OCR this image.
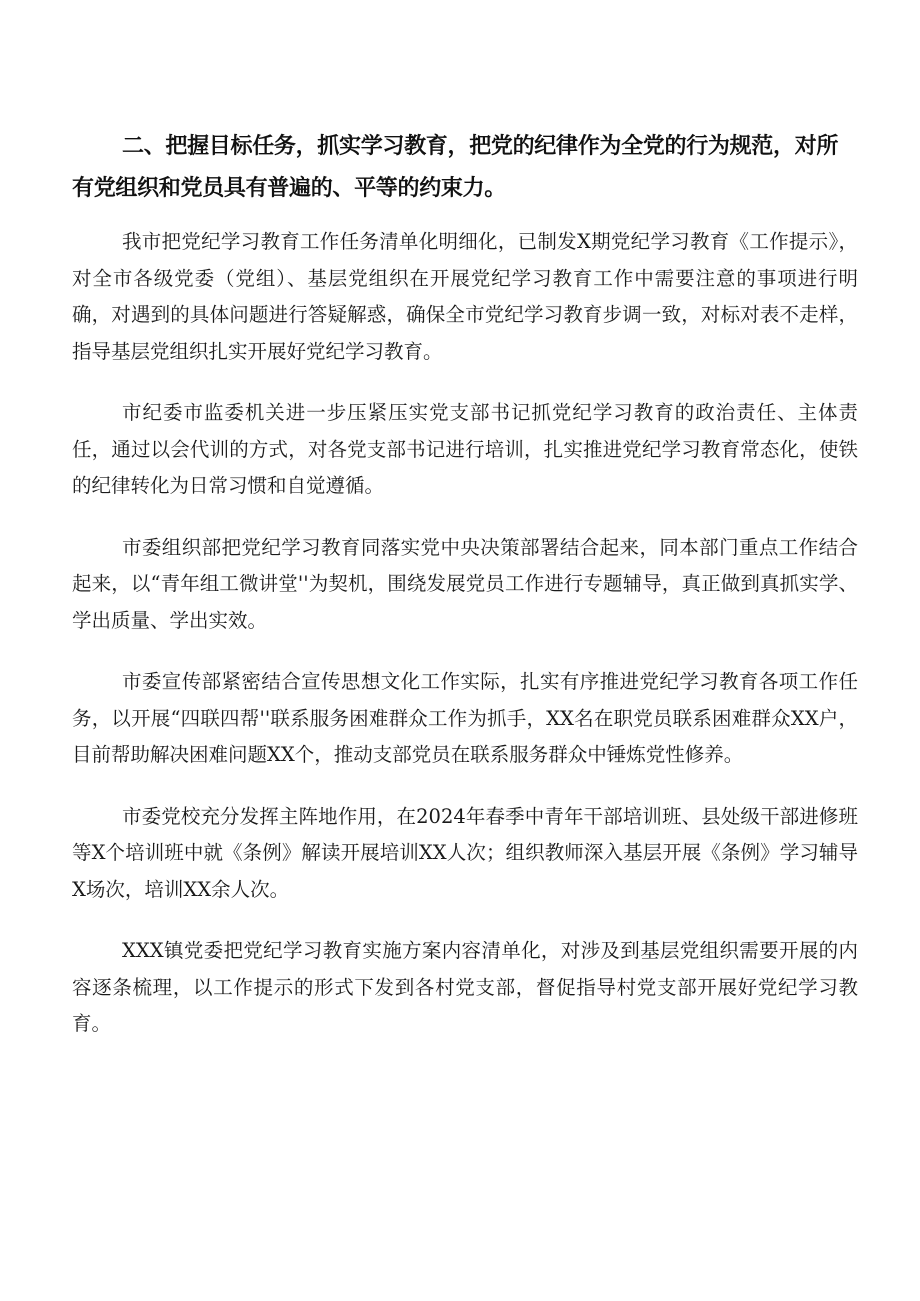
二、把握目标任务，抓实学习教育，把党的纪律作为全党的行为规范，对所有党组织和党员具有普遍的、平等的约束力。

我市把党纪学习教育工作任务清单化明细化，已制发X期党纪学习教育《工作提示》，对全市各级党委（党组）、基层党组织在开展党纪学习教育工作中需要注意的事项进行明确，对遇到的具体问题进行答疑解惑，确保全市党纪学习教育步调一致，对标对表不走样，指导基层党组织扎实开展好党纪学习教育。

市纪委市监委机关进一步压紧压实党支部书记抓党纪学习教育的政治责任、主体责任，通过以会代训的方式，对各党支部书记进行培训，扎实推进党纪学习教育常态化，使铁的纪律转化为日常习惯和自觉遵循。

市委组织部把党纪学习教育同落实党中央决策部署结合起来，同本部门重点工作结合起来，以“青年组工微讲堂''为契机，围绕发展党员工作进行专题辅导，真正做到真抓实学、学出质量、学出实效。

市委宣传部紧密结合宣传思想文化工作实际，扎实有序推进党纪学习教育各项工作任务，以开展“四联四帮''联系服务困难群众工作为抓手，XX名在职党员联系困难群众XX户，目前帮助解决困难问题XX个，推动支部党员在联系服务群众中锤炼党性修养。

市委党校充分发挥主阵地作用，在2024年春季中青年干部培训班、县处级干部进修班等X个培训班中就《条例》解读开展培训XX人次；组织教师深入基层开展《条例》学习辅导X场次，培训XX余人次。

XXX镇党委把党纪学习教育实施方案内容清单化，对涉及到基层党组织需要开展的内容逐条梳理，以工作提示的形式下发到各村党支部，督促指导村党支部开展好党纪学习教育。
